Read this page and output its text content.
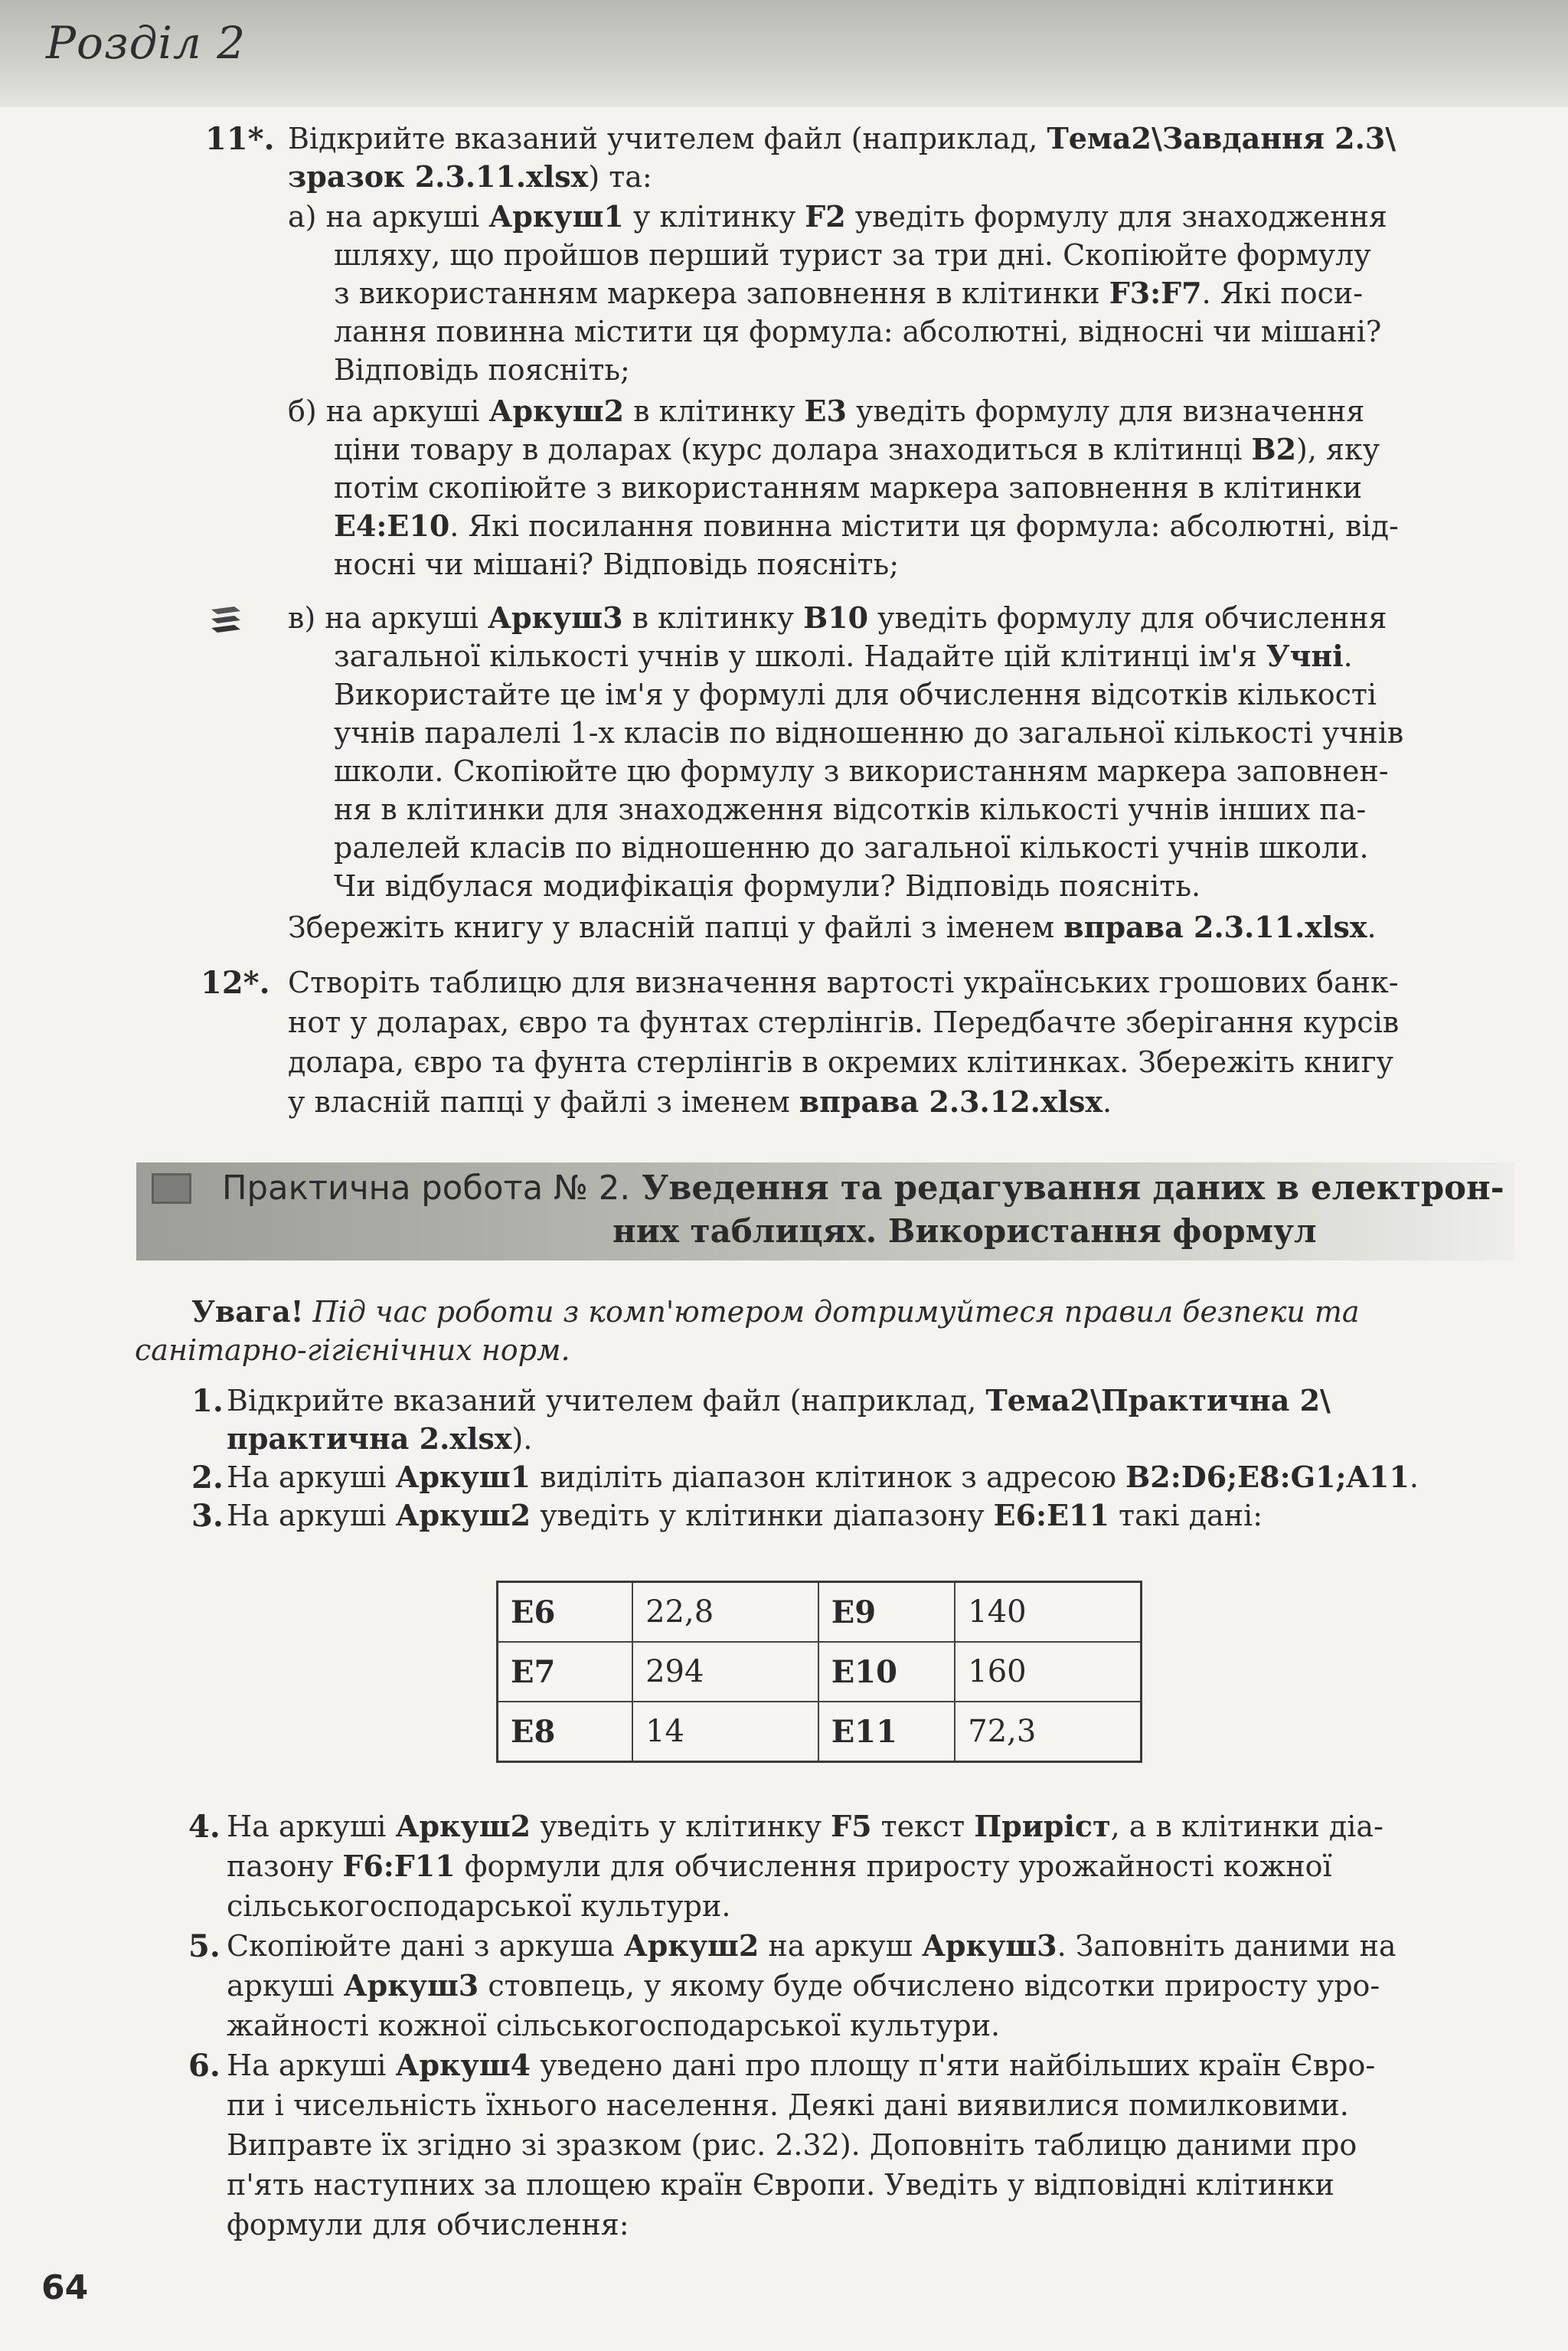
Розділ 2
11*. Відкрийте вказаний учителем файл (наприклад, Тема2\Завдання 2.3\
зразок 2.3.11.xlsx) та:
а) на аркуші Аркуш1 у клітинку F2 уведіть формулу для знаходження
шляху, що пройшов перший турист за три дні. Скопіюйте формулу
з використанням маркера заповнення в клітинки F3:F7. Які поси-
лання повинна містити ця формула: абсолютні, відносні чи мішані?
Відповідь поясніть;
б) на аркуші Аркуш2 в клітинку E3 уведіть формулу для визначення
ціни товару в доларах (курс долара знаходиться в клітинці B2), яку
потім скопіюйте з використанням маркера заповнення в клітинки
E4:E10. Які посилання повинна містити ця формула: абсолютні, від-
носні чи мішані? Відповідь поясніть;
в) на аркуші Аркуш3 в клітинку B10 уведіть формулу для обчислення
загальної кількості учнів у школі. Надайте цій клітинці ім'я Учні.
Використайте це ім'я у формулі для обчислення відсотків кількості
учнів паралелі 1-х класів по відношенню до загальної кількості учнів
школи. Скопіюйте цю формулу з використанням маркера заповнен-
ня в клітинки для знаходження відсотків кількості учнів інших па-
ралелей класів по відношенню до загальної кількості учнів школи.
Чи відбулася модифікація формули? Відповідь поясніть.
Збережіть книгу у власній папці у файлі з іменем вправа 2.3.11.xlsx.
12*. Створіть таблицю для визначення вартості українських грошових банк-
нот у доларах, євро та фунтах стерлінгів. Передбачте зберігання курсів
долара, євро та фунта стерлінгів в окремих клітинках. Збережіть книгу
у власній папці у файлі з іменем вправа 2.3.12.xlsx.
Практична робота № 2. Уведення та редагування даних в електрон-
них таблицях. Використання формул
Увага! Під час роботи з комп'ютером дотримуйтеся правил безпеки та
санітарно-гігієнічних норм.
1. Відкрийте вказаний учителем файл (наприклад, Тема2\Практична 2\
практична 2.xlsx).
2. На аркуші Аркуш1 виділіть діапазон клітинок з адресою B2:D6;E8:G1;A11.
3. На аркуші Аркуш2 уведіть у клітинки діапазону E6:E11 такі дані:
E6	22,8	E9	140
E7	294	E10	160
E8	14	E11	72,3
4. На аркуші Аркуш2 уведіть у клітинку F5 текст Приріст, а в клітинки діа-
пазону F6:F11 формули для обчислення приросту урожайності кожної
сільськогосподарської культури.
5. Скопіюйте дані з аркуша Аркуш2 на аркуш Аркуш3. Заповніть даними на
аркуші Аркуш3 стовпець, у якому буде обчислено відсотки приросту уро-
жайності кожної сільськогосподарської культури.
6. На аркуші Аркуш4 уведено дані про площу п'яти найбільших країн Євро-
пи і чисельність їхнього населення. Деякі дані виявилися помилковими.
Виправте їх згідно зі зразком (рис. 2.32). Доповніть таблицю даними про
п'ять наступних за площею країн Європи. Уведіть у відповідні клітинки
формули для обчислення:
64
